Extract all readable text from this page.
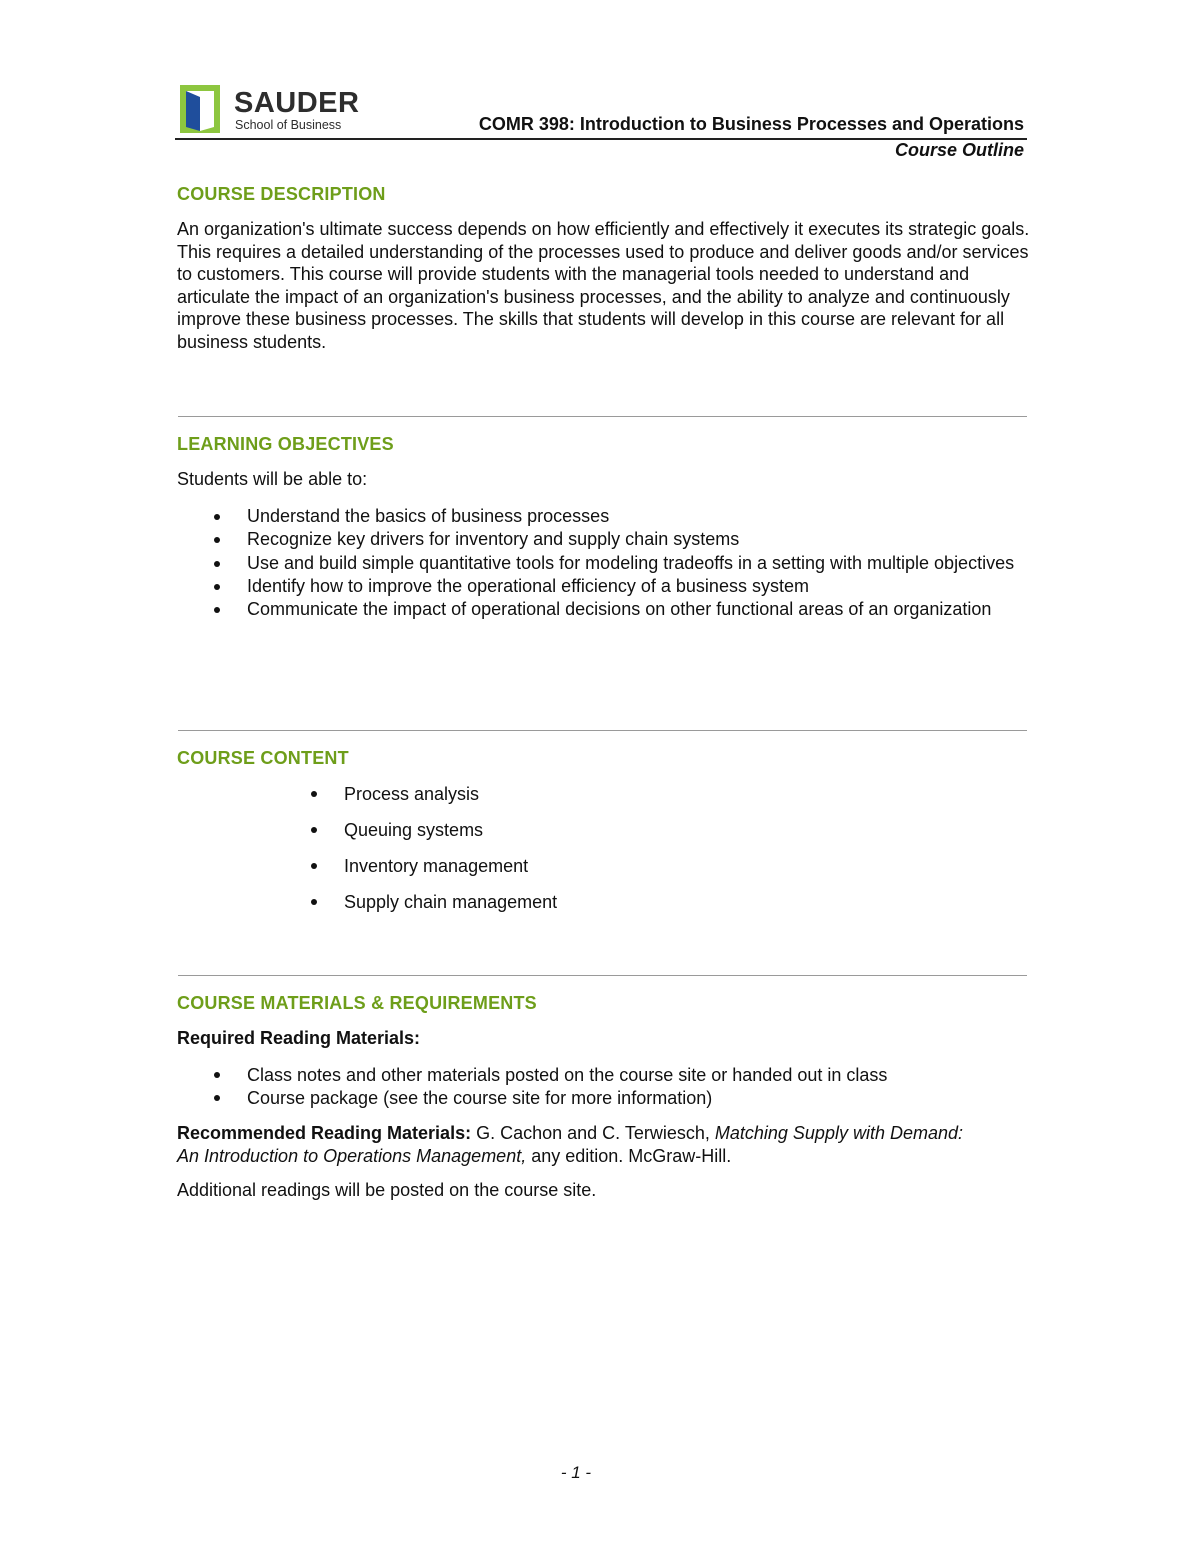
SAUDER
School of Business	COMR 398: Introduction to Business Processes and Operations
Course Outline
COURSE DESCRIPTION
An organization's ultimate success depends on how efficiently and effectively it executes its strategic goals. This requires a detailed understanding of the processes used to produce and deliver goods and/or services to customers. This course will provide students with the managerial tools needed to understand and articulate the impact of an organization's business processes, and the ability to analyze and continuously improve these business processes. The skills that students will develop in this course are relevant for all business students.
LEARNING OBJECTIVES
Students will be able to:
Understand the basics of business processes
Recognize key drivers for inventory and supply chain systems
Use and build simple quantitative tools for modeling tradeoffs in a setting with multiple objectives
Identify how to improve the operational efficiency of a business system
Communicate the impact of operational decisions on other functional areas of an organization
COURSE CONTENT
Process analysis
Queuing systems
Inventory management
Supply chain management
COURSE MATERIALS & REQUIREMENTS
Required Reading Materials:
Class notes and other materials posted on the course site or handed out in class
Course package (see the course site for more information)
Recommended Reading Materials: G. Cachon and C. Terwiesch, Matching Supply with Demand: An Introduction to Operations Management, any edition. McGraw-Hill.
Additional readings will be posted on the course site.
- 1 -
